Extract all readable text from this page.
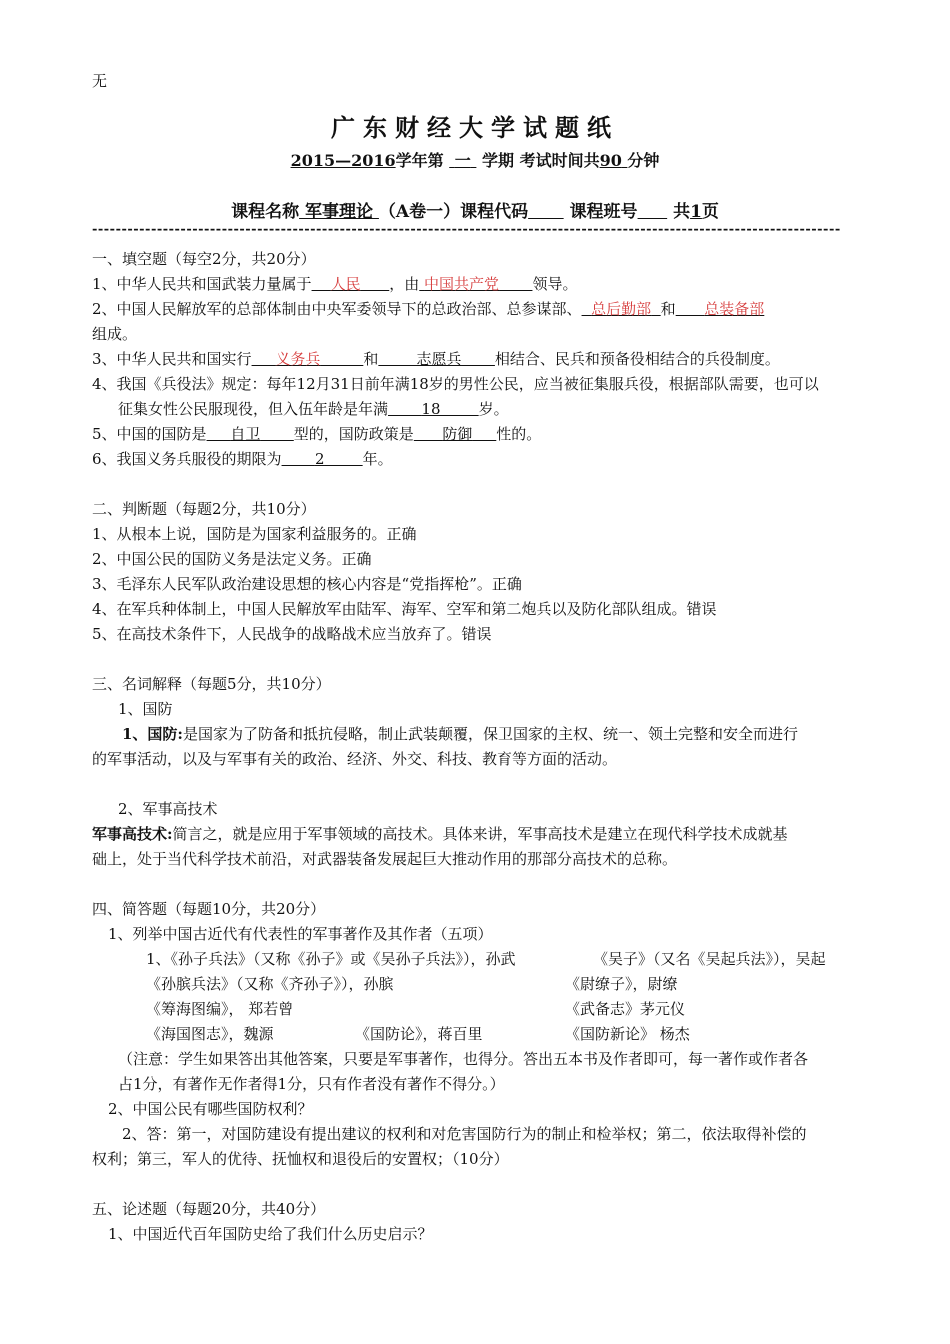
无
广东财经大学试题纸
2015—2016学年第 一 学期 考试时间共90 分钟
课程名称 军事理论 （A卷一）课程代码 课程班号 共1页
-------------------------------------------------------------------------------------------------------------------------------
一、填空题（每空2分，共20分）
1、中华人民共和国武装力量属于 人民 ，由 中国共产党 领导。
2、中国人民解放军的总部体制由中央军委领导下的总政治部、总参谋部、 总后勤部 和 总装备部
组成。
3、中华人民共和国实行 义务兵	和	志愿兵 相结合、民兵和预备役相结合的兵役制度。
4、我国《兵役法》规定：每年12月31日前年满18岁的男性公民，应当被征集服兵役，根据部队需要，也可以
征集女性公民服现役，但入伍年龄是年满 18	岁。
5、中国的国防是 自卫 型的，国防政策是 防御 性的。
6、我国义务兵服役的期限为 2	年。
二、判断题（每题2分，共10分）
1、从根本上说，国防是为国家利益服务的。正确
2、中国公民的国防义务是法定义务。正确
3、毛泽东人民军队政治建设思想的核心内容是“党指挥枪”。正确
4、在军兵种体制上，中国人民解放军由陆军、海军、空军和第二炮兵以及防化部队组成。错误
5、在高技术条件下，人民战争的战略战术应当放弃了。错误
三、名词解释（每题5分，共10分）
1、国防
1、国防:是国家为了防备和抵抗侵略，制止武装颠覆，保卫国家的主权、统一、领土完整和安全而进行
的军事活动，以及与军事有关的政治、经济、外交、科技、教育等方面的活动。
2、军事高技术
军事高技术:简言之，就是应用于军事领域的高技术。具体来讲，军事高技术是建立在现代科学技术成就基
础上，处于当代科学技术前沿，对武器装备发展起巨大推动作用的那部分高技术的总称。
四、简答题（每题10分，共20分）
1、列举中国古近代有代表性的军事著作及其作者（五项）
1、《孙子兵法》（又称《孙子》或《吴孙子兵法》），孙武	《吴子》（又名《吴起兵法》），吴起
《孙膑兵法》（又称《齐孙子》），孙膑	《尉缭子》，尉缭
《筹海图编》， 郑若曾	《武备志》茅元仪
《海国图志》，魏源	《国防论》，蒋百里	《国防新论》 杨杰
（注意：学生如果答出其他答案，只要是军事著作，也得分。答出五本书及作者即可，每一著作或作者各
占1分，有著作无作者得1分，只有作者没有著作不得分。）
2、中国公民有哪些国防权利？
2、答：第一，对国防建设有提出建议的权利和对危害国防行为的制止和检举权；第二，依法取得补偿的
权利；第三，军人的优待、抚恤权和退役后的安置权；（10分）
五、论述题（每题20分，共40分）
1、中国近代百年国防史给了我们什么历史启示？
